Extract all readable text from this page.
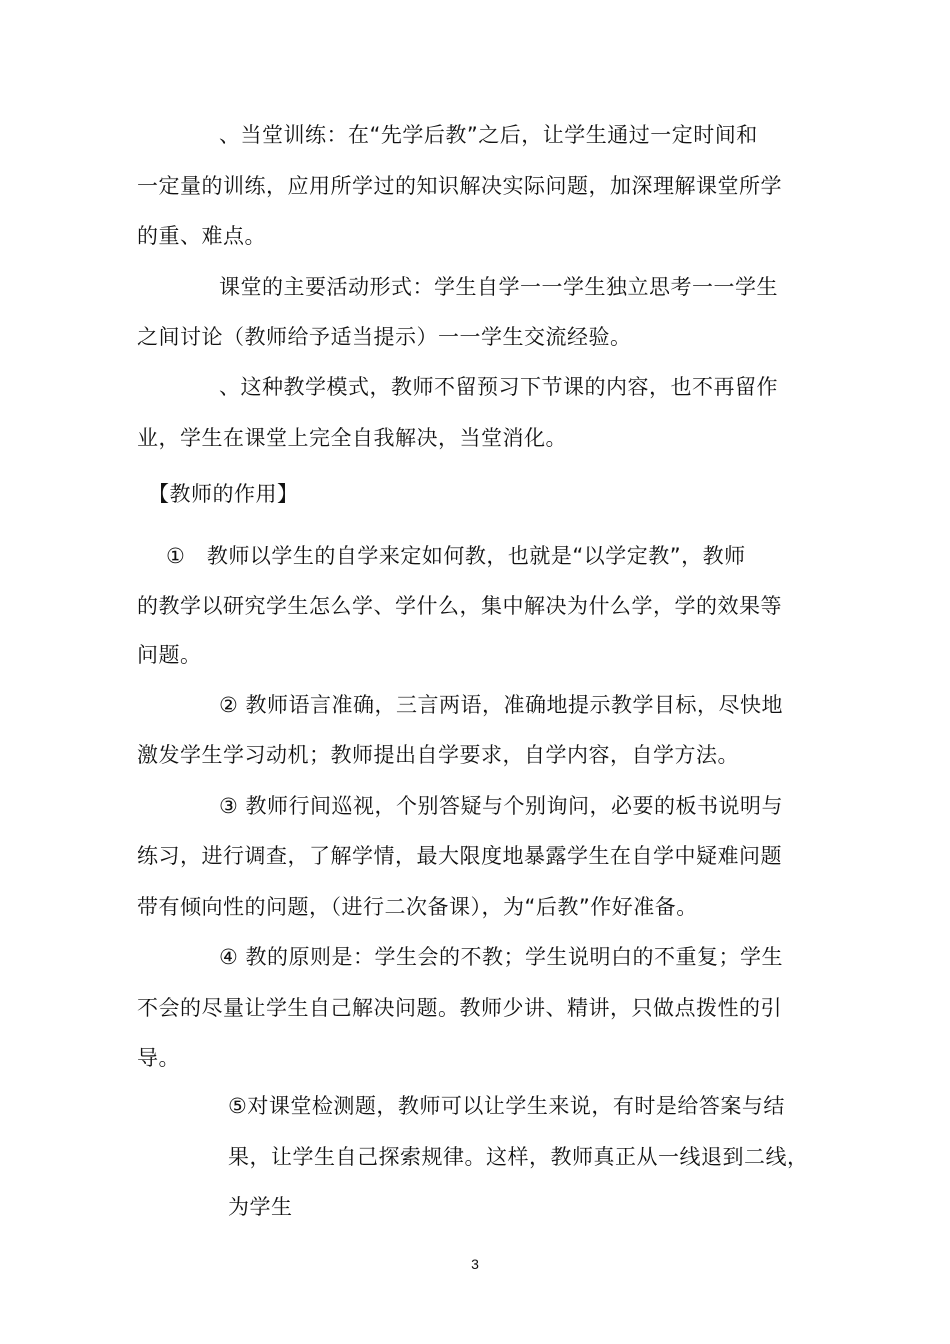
、当堂训练：在“先学后教”之后，让学生通过一定时间和
一定量的训练，应用所学过的知识解决实际问题，加深理解课堂所学
的重、难点。
课堂的主要活动形式：学生自学一一学生独立思考一一学生
之间讨论（教师给予适当提示）一一学生交流经验。
、这种教学模式，教师不留预习下节课的内容，也不再留作
业，学生在课堂上完全自我解决，当堂消化。
【教师的作用】
①　教师以学生的自学来定如何教，也就是“以学定教”，教师
的教学以研究学生怎么学、学什么，集中解决为什么学，学的效果等
问题。
② 教师语言准确，三言两语，准确地提示教学目标，尽快地
激发学生学习动机；教师提出自学要求，自学内容，自学方法。
③ 教师行间巡视，个别答疑与个别询问，必要的板书说明与
练习，进行调查，了解学情，最大限度地暴露学生在自学中疑难问题
带有倾向性的问题，（进行二次备课），为“后教”作好准备。
④ 教的原则是：学生会的不教；学生说明白的不重复；学生
不会的尽量让学生自己解决问题。教师少讲、精讲，只做点拨性的引
导。
⑤对课堂检测题，教师可以让学生来说，有时是给答案与结
果，让学生自己探索规律。这样，教师真正从一线退到二线，
为学生
3
